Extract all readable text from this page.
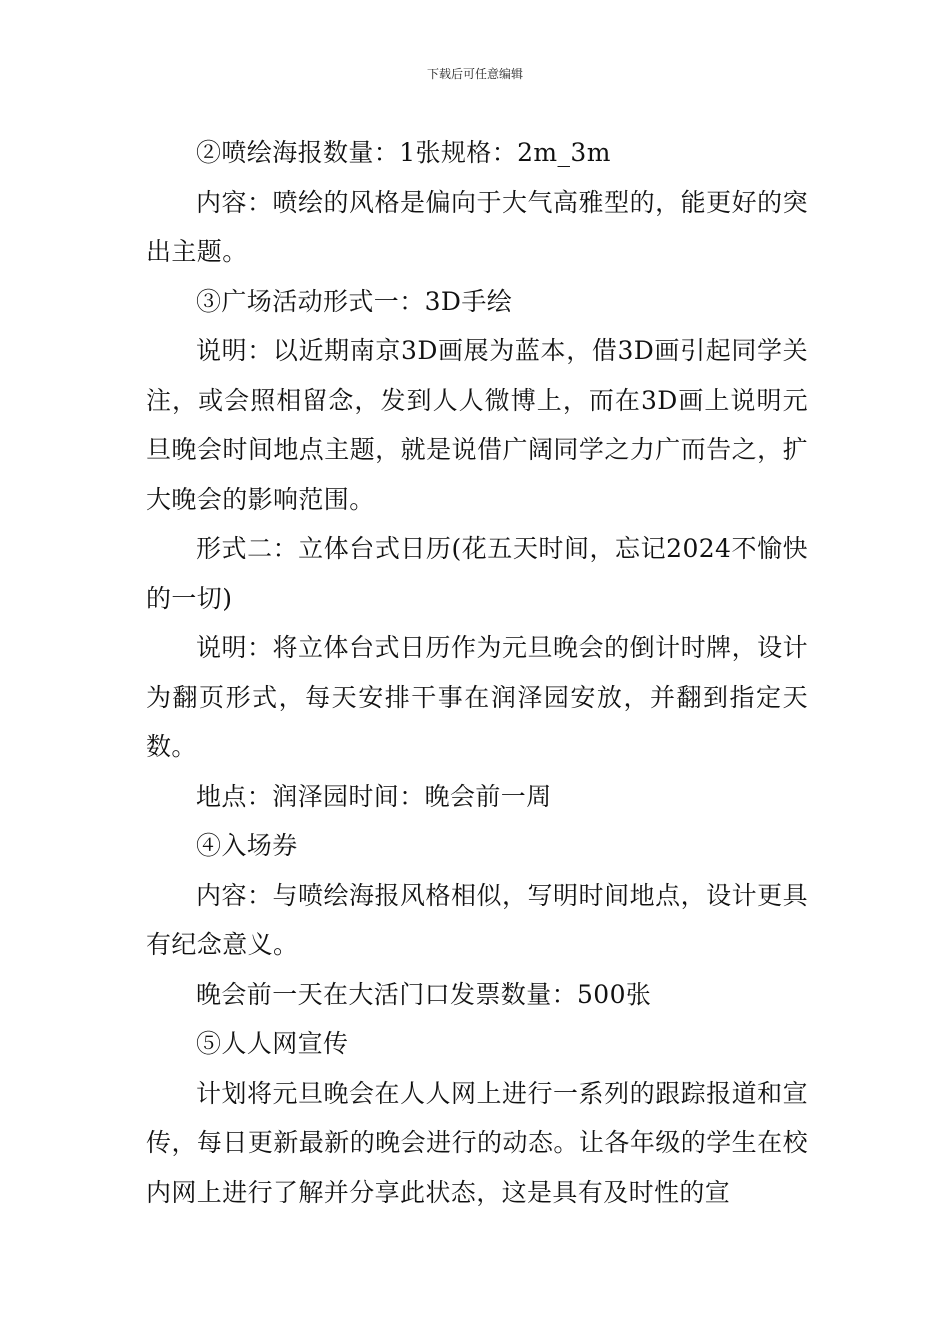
下载后可任意编辑

②喷绘海报数量：1张规格：2m_3m

内容：喷绘的风格是偏向于大气高雅型的，能更好的突出主题。

③广场活动形式一：3D手绘

说明：以近期南京3D画展为蓝本，借3D画引起同学关注，或会照相留念，发到人人微博上，而在3D画上说明元旦晚会时间地点主题，就是说借广阔同学之力广而告之，扩大晚会的影响范围。

形式二：立体台式日历(花五天时间，忘记2024不愉快的一切)

说明：将立体台式日历作为元旦晚会的倒计时牌，设计为翻页形式，每天安排干事在润泽园安放，并翻到指定天数。

地点：润泽园时间：晚会前一周

④入场券

内容：与喷绘海报风格相似，写明时间地点，设计更具有纪念意义。

晚会前一天在大活门口发票数量：500张

⑤人人网宣传

计划将元旦晚会在人人网上进行一系列的跟踪报道和宣传，每日更新最新的晚会进行的动态。让各年级的学生在校内网上进行了解并分享此状态，这是具有及时性的宣
